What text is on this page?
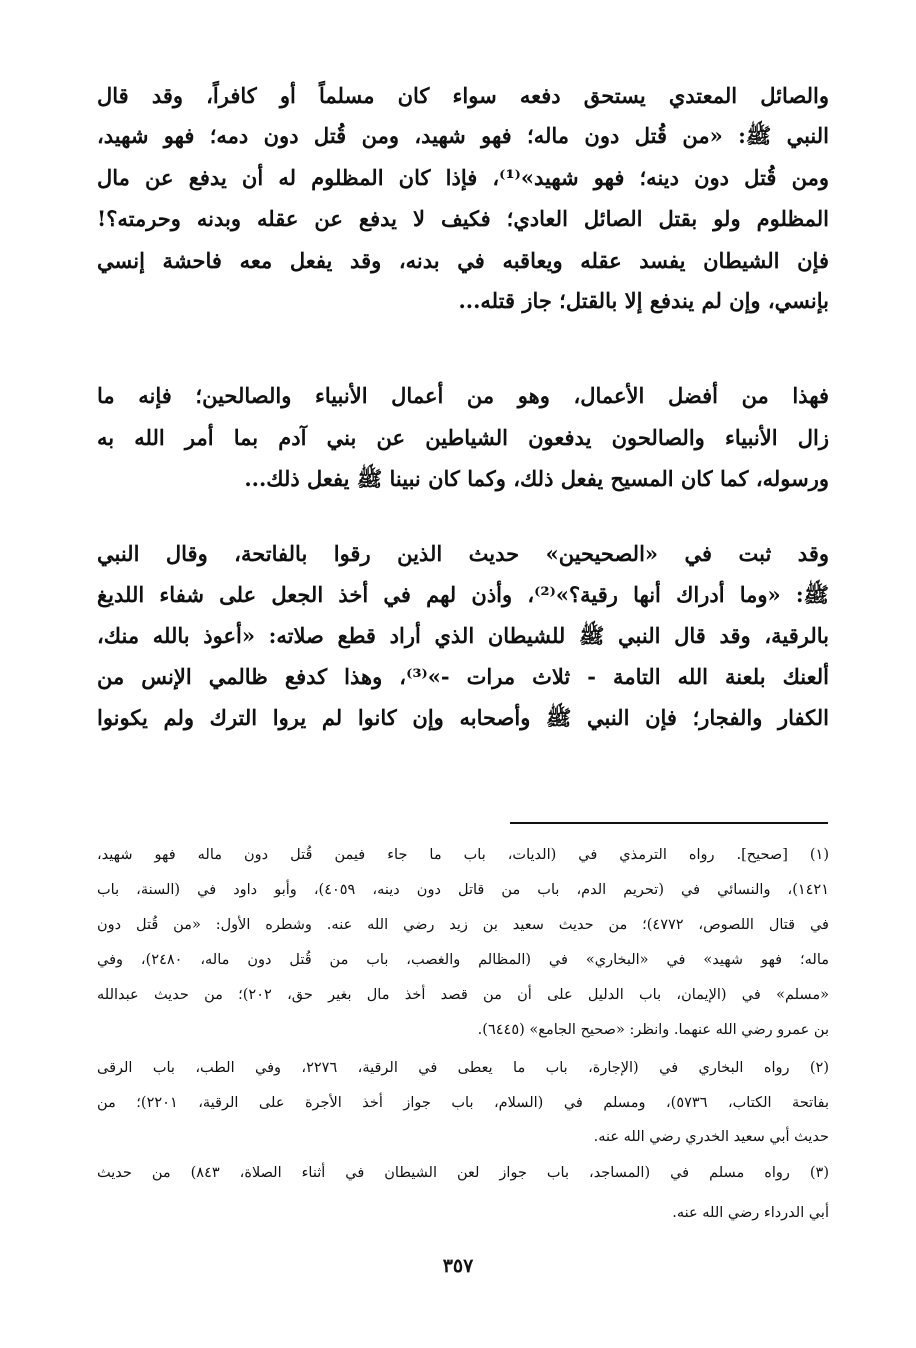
والصائل المعتدي يستحق دفعه سواء كان مسلماً أو كافراً، وقد قال
النبي ﷺ: «من قُتل دون ماله؛ فهو شهيد، ومن قُتل دون دمه؛ فهو شهيد،
ومن قُتل دون دينه؛ فهو شهيد»⁽¹⁾، فإذا كان المظلوم له أن يدفع عن مال
المظلوم ولو بقتل الصائل العادي؛ فكيف لا يدفع عن عقله وبدنه وحرمته؟!
فإن الشيطان يفسد عقله ويعاقبه في بدنه، وقد يفعل معه فاحشة إنسي
بإنسي، وإن لم يندفع إلا بالقتل؛ جاز قتله...
فهذا من أفضل الأعمال، وهو من أعمال الأنبياء والصالحين؛ فإنه ما
زال الأنبياء والصالحون يدفعون الشياطين عن بني آدم بما أمر الله به
ورسوله، كما كان المسيح يفعل ذلك، وكما كان نبينا ﷺ يفعل ذلك...
وقد ثبت في «الصحيحين» حديث الذين رقوا بالفاتحة، وقال النبي
ﷺ: «وما أدراك أنها رقية؟»⁽²⁾، وأذن لهم في أخذ الجعل على شفاء اللديغ
بالرقية، وقد قال النبي ﷺ للشيطان الذي أراد قطع صلاته: «أعوذ بالله منك،
ألعنك بلعنة الله التامة - ثلاث مرات -»⁽³⁾، وهذا كدفع ظالمي الإنس من
الكفار والفجار؛ فإن النبي ﷺ وأصحابه وإن كانوا لم يروا الترك ولم يكونوا
(١) [صحيح]. رواه الترمذي في (الديات، باب ما جاء فيمن قُتل دون ماله فهو شهيد،
١٤٢١)، والنسائي في (تحريم الدم، باب من قاتل دون دينه، ٤٠٥٩)، وأبو داود في (السنة، باب
في قتال اللصوص، ٤٧٧٢)؛ من حديث سعيد بن زيد رضي الله عنه. وشطره الأول: «من قُتل دون
ماله؛ فهو شهيد» في «البخاري» في (المظالم والغصب، باب من قُتل دون ماله، ٢٤٨٠)، وفي
«مسلم» في (الإيمان، باب الدليل على أن من قصد أخذ مال بغير حق، ٢٠٢)؛ من حديث عبدالله
بن عمرو رضي الله عنهما. وانظر: «صحيح الجامع» (٦٤٤٥).
(٢) رواه البخاري في (الإجارة، باب ما يعطى في الرقية، ٢٢٧٦، وفي الطب، باب الرقى
بفاتحة الكتاب، ٥٧٣٦)، ومسلم في (السلام، باب جواز أخذ الأجرة على الرقية، ٢٢٠١)؛ من
حديث أبي سعيد الخدري رضي الله عنه.
(٣) رواه مسلم في (المساجد، باب جواز لعن الشيطان في أثناء الصلاة، ٨٤٣) من حديث
أبي الدرداء رضي الله عنه.
٣٥٧
